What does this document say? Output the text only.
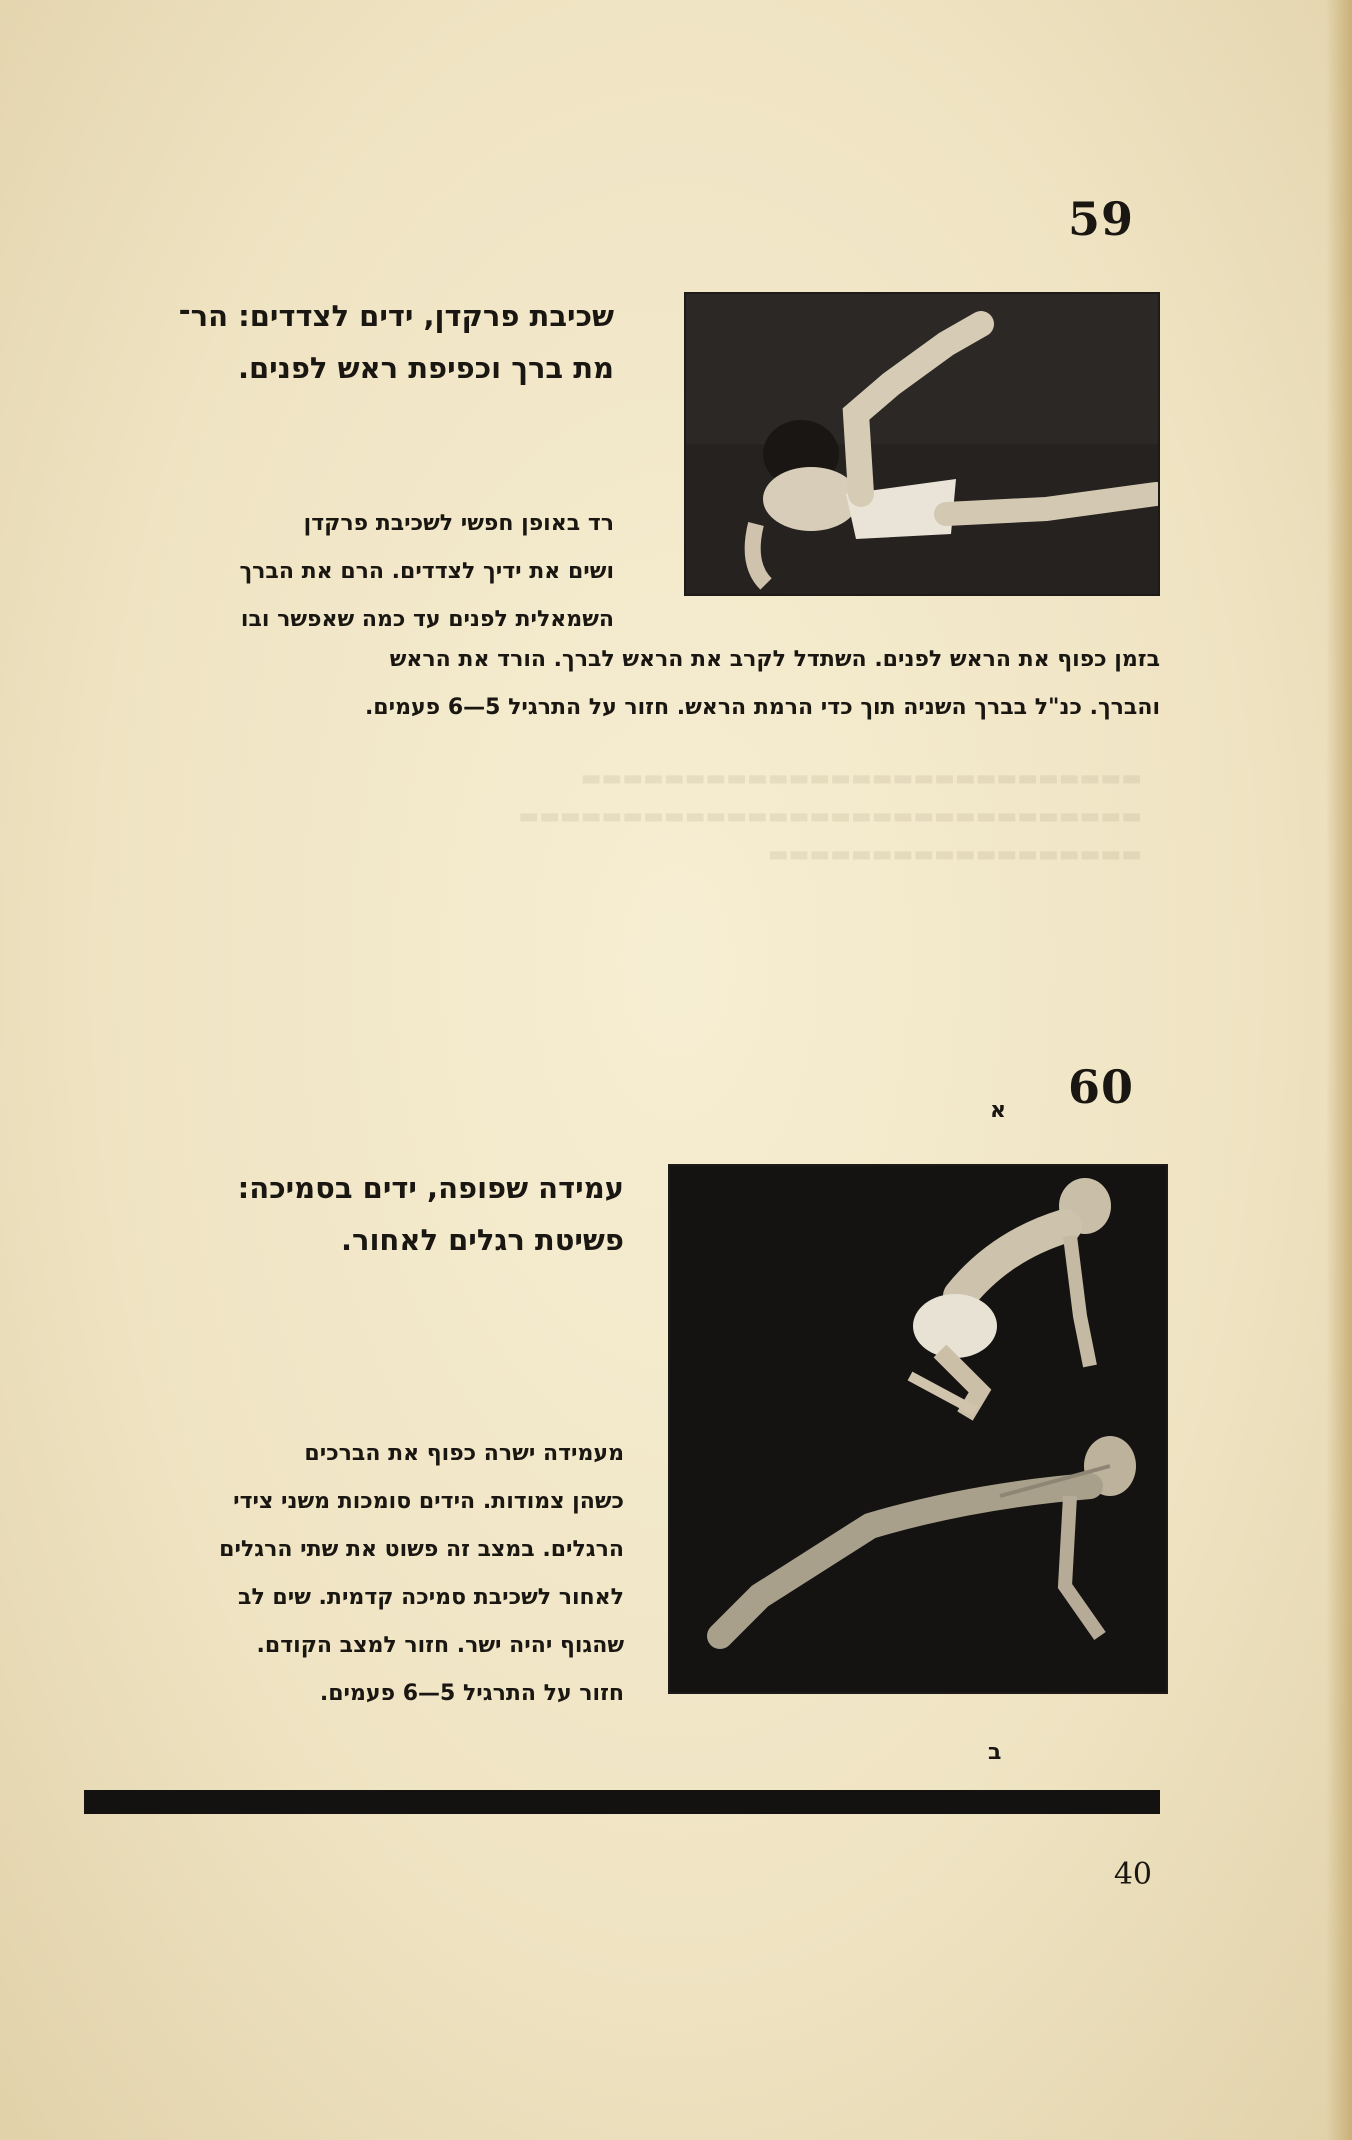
59
שכיבת פרקדן, ידים לצדדים: הר־
מת ברך וכפיפת ראש לפנים.
רד באופן חפשי לשכיבת פרקדן
ושים את ידיך לצדדים. הרם את הברך
השמאלית לפנים עד כמה שאפשר ובו
בזמן כפוף את הראש לפנים. השתדל לקרב את הראש לברך. הורד את הראש
והברך. כנ"ל בברך השניה תוך כדי הרמת הראש. חזור על התרגיל 5—6 פעמים.
▬▬▬▬▬▬▬▬▬▬▬▬▬▬▬▬▬▬▬▬▬▬▬▬▬▬▬
▬▬▬▬▬▬▬▬▬▬▬▬▬▬▬▬▬▬▬▬▬▬▬▬▬▬▬▬▬▬
▬▬▬▬▬▬▬▬▬▬▬▬▬▬▬▬▬▬
60
א
עמידה שפופה, ידים בסמיכה:
פשיטת רגלים לאחור.
מעמידה ישרה כפוף את הברכים
כשהן צמודות. הידים סומכות משני צידי
הרגלים. במצב זה פשוט את שתי הרגלים
לאחור לשכיבת סמיכה קדמית. שים לב
שהגוף יהיה ישר. חזור למצב הקודם.
חזור על התרגיל 5—6 פעמים.
ב
40
